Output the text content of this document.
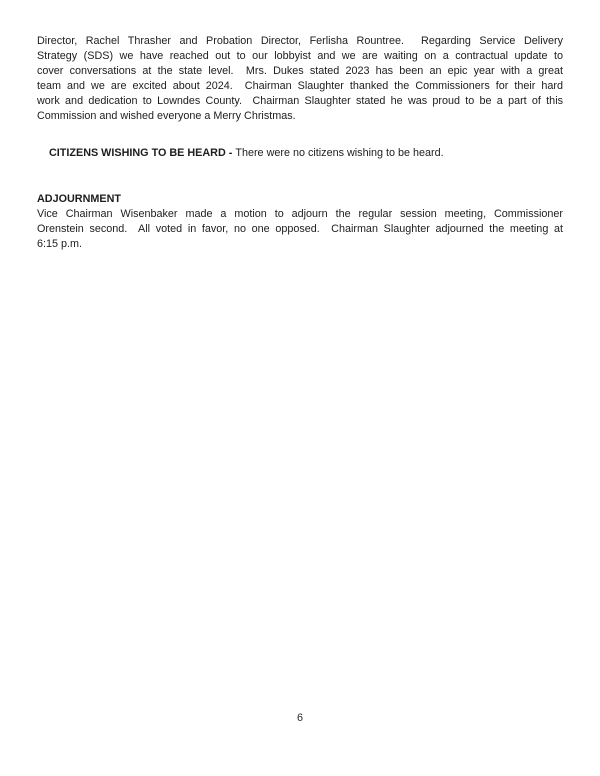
Director, Rachel Thrasher and Probation Director, Ferlisha Rountree.  Regarding Service Delivery
Strategy (SDS) we have reached out to our lobbyist and we are waiting on a contractual update to
cover conversations at the state level.  Mrs. Dukes stated 2023 has been an epic year with a great
team and we are excited about 2024.  Chairman Slaughter thanked the Commissioners for their hard
work and dedication to Lowndes County.  Chairman Slaughter stated he was proud to be a part of this
Commission and wished everyone a Merry Christmas.

CITIZENS WISHING TO BE HEARD - There were no citizens wishing to be heard.

ADJOURNMENT
Vice Chairman Wisenbaker made a motion to adjourn the regular session meeting, Commissioner
Orenstein second.  All voted in favor, no one opposed.  Chairman Slaughter adjourned the meeting at
6:15 p.m.
6
